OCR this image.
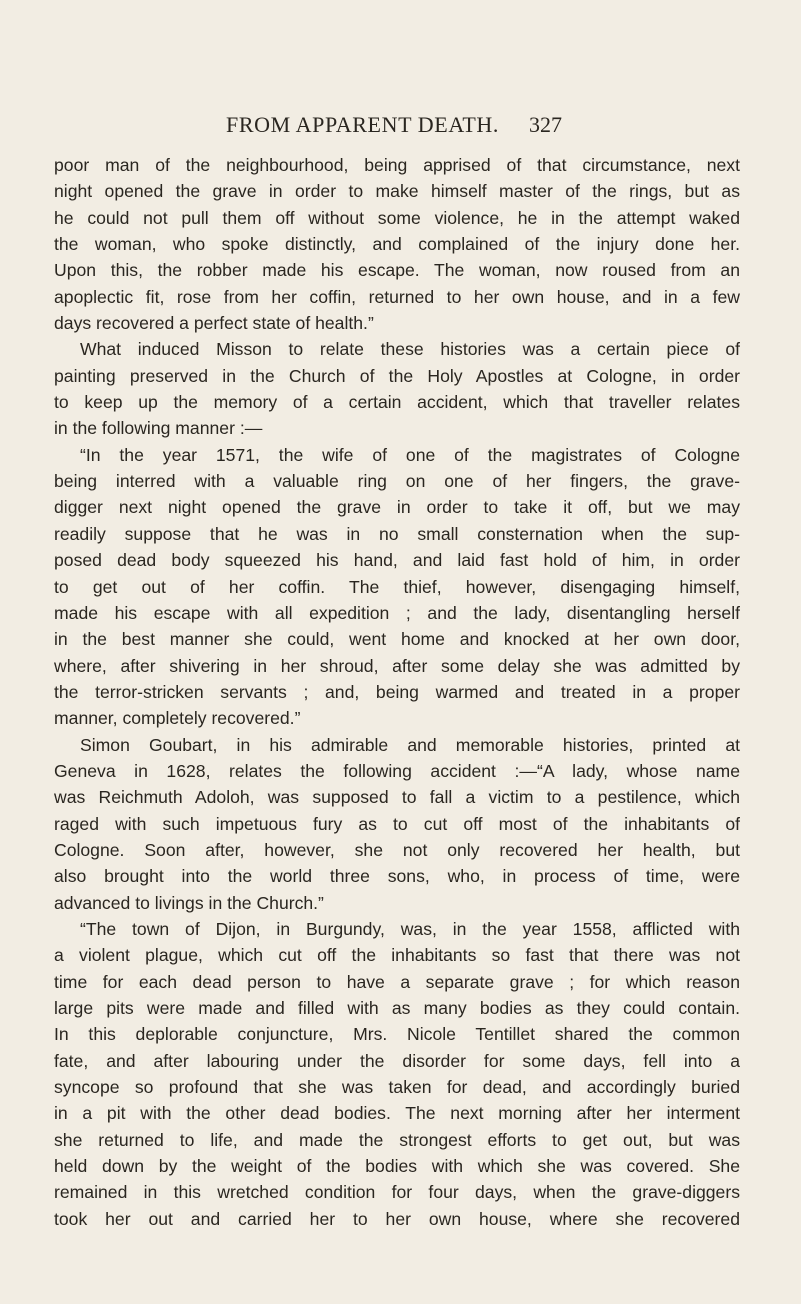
FROM APPARENT DEATH. 327
poor man of the neighbourhood, being apprised of that circumstance, next
night opened the grave in order to make himself master of the rings, but as
he could not pull them off without some violence, he in the attempt waked
the woman, who spoke distinctly, and complained of the injury done her.
Upon this, the robber made his escape. The woman, now roused from an
apoplectic fit, rose from her coffin, returned to her own house, and in a few
days recovered a perfect state of health.”
What induced Misson to relate these histories was a certain piece of
painting preserved in the Church of the Holy Apostles at Cologne, in order
to keep up the memory of a certain accident, which that traveller relates
in the following manner :—
“In the year 1571, the wife of one of the magistrates of Cologne
being interred with a valuable ring on one of her fingers, the grave-
digger next night opened the grave in order to take it off, but we may
readily suppose that he was in no small consternation when the sup-
posed dead body squeezed his hand, and laid fast hold of him, in order
to get out of her coffin. The thief, however, disengaging himself,
made his escape with all expedition ; and the lady, disentangling herself
in the best manner she could, went home and knocked at her own door,
where, after shivering in her shroud, after some delay she was admitted by
the terror-stricken servants ; and, being warmed and treated in a proper
manner, completely recovered.”
Simon Goubart, in his admirable and memorable histories, printed at
Geneva in 1628, relates the following accident :—“A lady, whose name
was Reichmuth Adoloh, was supposed to fall a victim to a pestilence, which
raged with such impetuous fury as to cut off most of the inhabitants of
Cologne. Soon after, however, she not only recovered her health, but
also brought into the world three sons, who, in process of time, were
advanced to livings in the Church.”
“The town of Dijon, in Burgundy, was, in the year 1558, afflicted with
a violent plague, which cut off the inhabitants so fast that there was not
time for each dead person to have a separate grave ; for which reason
large pits were made and filled with as many bodies as they could contain.
In this deplorable conjuncture, Mrs. Nicole Tentillet shared the common
fate, and after labouring under the disorder for some days, fell into a
syncope so profound that she was taken for dead, and accordingly buried
in a pit with the other dead bodies. The next morning after her interment
she returned to life, and made the strongest efforts to get out, but was
held down by the weight of the bodies with which she was covered. She
remained in this wretched condition for four days, when the grave-diggers
took her out and carried her to her own house, where she recovered
